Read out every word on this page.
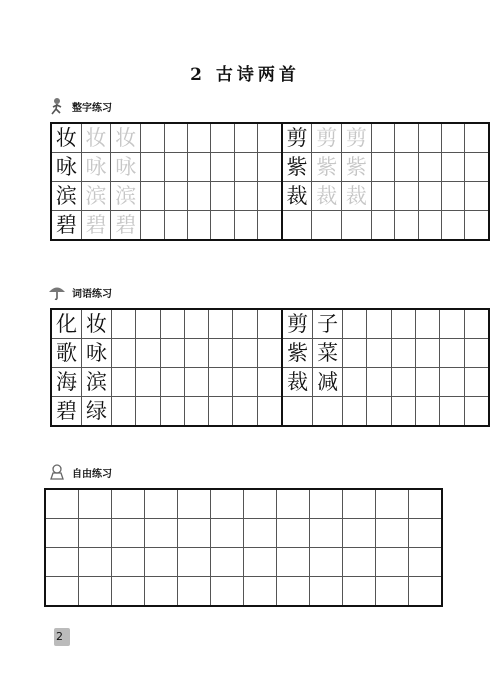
2 古诗两首
整字练习
妆	妆	妆							剪	剪	剪					
咏	咏	咏							紫	紫	紫					
滨	滨	滨							裁	裁	裁					
碧	碧	碧														
词语练习
化	妆								剪	子						
歌	咏								紫	菜						
海	滨								裁	减						
碧	绿															
自由练习

2
